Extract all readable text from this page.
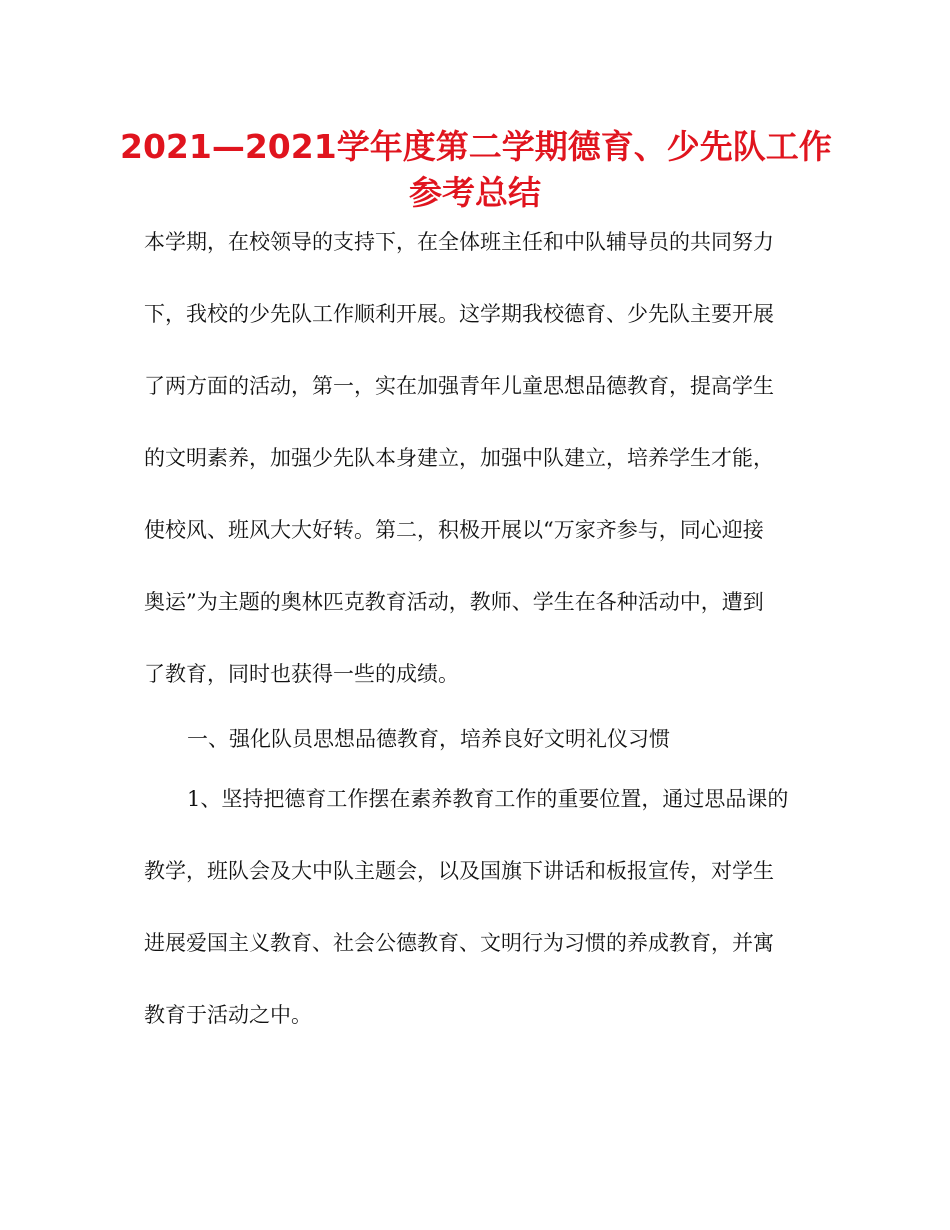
2021—2021学年度第二学期德育、少先队工作
参考总结

本学期，在校领导的支持下，在全体班主任和中队辅导员的共同努力

下，我校的少先队工作顺利开展。这学期我校德育、少先队主要开展

了两方面的活动，第一，实在加强青年儿童思想品德教育，提高学生

的文明素养，加强少先队本身建立，加强中队建立，培养学生才能，

使校风、班风大大好转。第二，积极开展以“万家齐参与，同心迎接

奥运”为主题的奥林匹克教育活动，教师、学生在各种活动中，遭到

了教育，同时也获得一些的成绩。

一、强化队员思想品德教育，培养良好文明礼仪习惯

1、坚持把德育工作摆在素养教育工作的重要位置，通过思品课的

教学，班队会及大中队主题会，以及国旗下讲话和板报宣传，对学生

进展爱国主义教育、社会公德教育、文明行为习惯的养成教育，并寓

教育于活动之中。
